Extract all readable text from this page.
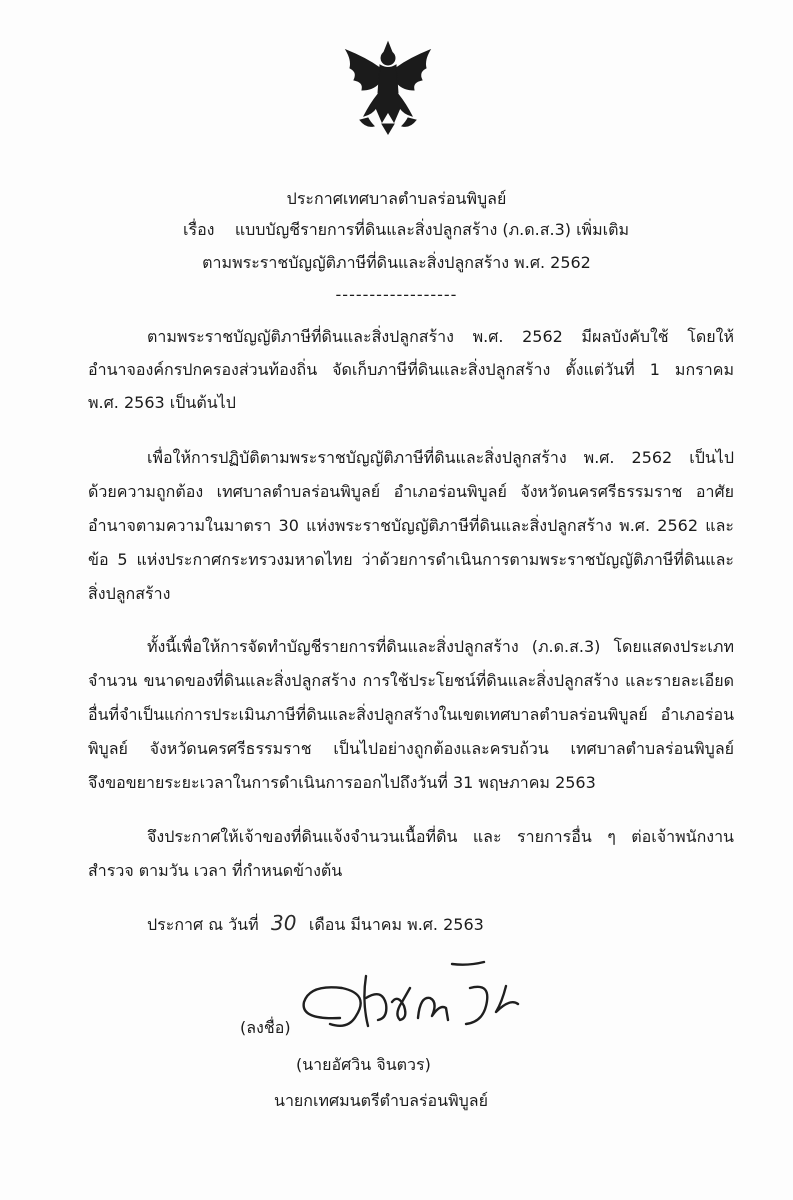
ประกาศเทศบาลตำบลร่อนพิบูลย์
เรื่อง แบบบัญชีรายการที่ดินและสิ่งปลูกสร้าง (ภ.ด.ส.3) เพิ่มเติม
ตามพระราชบัญญัติภาษีที่ดินและสิ่งปลูกสร้าง พ.ศ. 2562
------------------
ตามพระราชบัญญัติภาษีที่ดินและสิ่งปลูกสร้าง พ.ศ. 2562 มีผลบังคับใช้ โดยให้
อำนาจองค์กรปกครองส่วนท้องถิ่น จัดเก็บภาษีที่ดินและสิ่งปลูกสร้าง ตั้งแต่วันที่ 1 มกราคม
พ.ศ. 2563 เป็นต้นไป
เพื่อให้การปฏิบัติตามพระราชบัญญัติภาษีที่ดินและสิ่งปลูกสร้าง พ.ศ. 2562 เป็นไป
ด้วยความถูกต้อง เทศบาลตำบลร่อนพิบูลย์ อำเภอร่อนพิบูลย์ จังหวัดนครศรีธรรมราช อาศัย
อำนาจตามความในมาตรา 30 แห่งพระราชบัญญัติภาษีที่ดินและสิ่งปลูกสร้าง พ.ศ. 2562 และ
ข้อ 5 แห่งประกาศกระทรวงมหาดไทย ว่าด้วยการดำเนินการตามพระราชบัญญัติภาษีที่ดินและ
สิ่งปลูกสร้าง
ทั้งนี้เพื่อให้การจัดทำบัญชีรายการที่ดินและสิ่งปลูกสร้าง (ภ.ด.ส.3) โดยแสดงประเภท
จำนวน ขนาดของที่ดินและสิ่งปลูกสร้าง การใช้ประโยชน์ที่ดินและสิ่งปลูกสร้าง และรายละเอียด
อื่นที่จำเป็นแก่การประเมินภาษีที่ดินและสิ่งปลูกสร้างในเขตเทศบาลตำบลร่อนพิบูลย์ อำเภอร่อน
พิบูลย์ จังหวัดนครศรีธรรมราช เป็นไปอย่างถูกต้องและครบถ้วน เทศบาลตำบลร่อนพิบูลย์
จึงขอขยายระยะเวลาในการดำเนินการออกไปถึงวันที่ 31 พฤษภาคม 2563
จึงประกาศให้เจ้าของที่ดินแจ้งจำนวนเนื้อที่ดิน และ รายการอื่น ๆ ต่อเจ้าพนักงาน
สำรวจ ตามวัน เวลา ที่กำหนดข้างต้น
ประกาศ ณ วันที่ 30 เดือน มีนาคม พ.ศ. 2563
(ลงชื่อ)
(นายอัศวิน จินตวร)
นายกเทศมนตรีตำบลร่อนพิบูลย์
